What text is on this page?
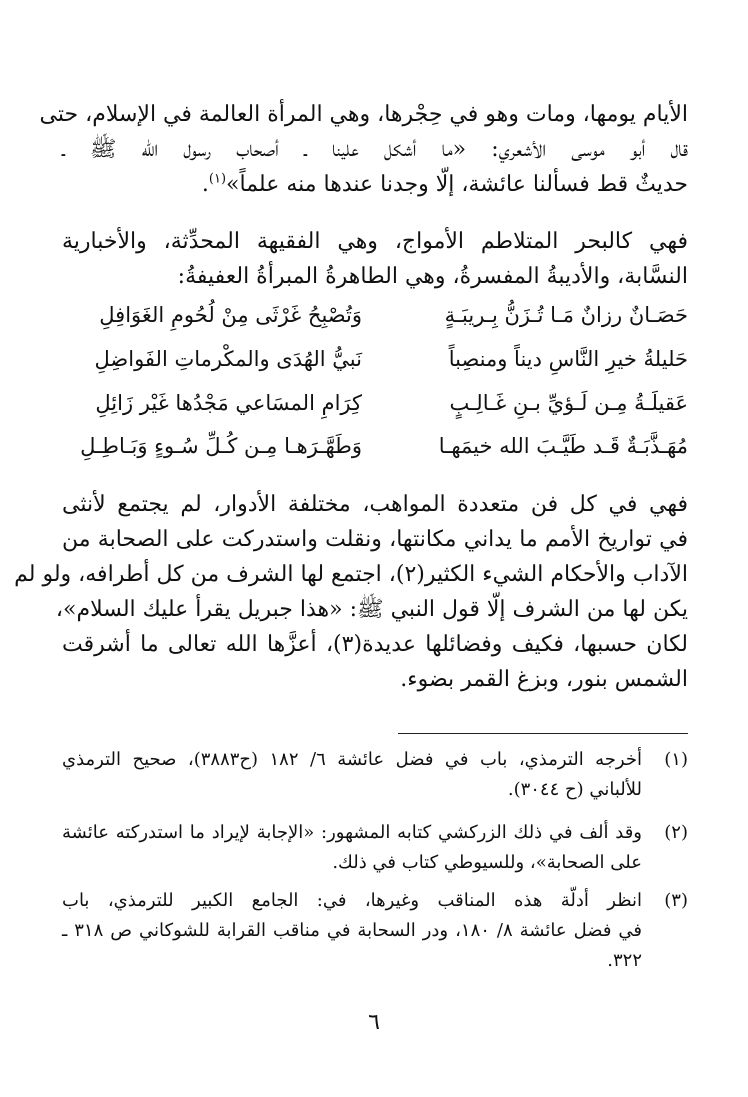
الأيام يومها، ومات وهو في حِجْرها، وهي المرأة العالمة في الإسلام، حتى
قال أبو موسى الأشعري: «ما أشكل علينا ـ أصحاب رسول الله ﷺ ـ
حديثٌ قط فسألنا عائشة، إلّا وجدنا عندها منه علماً»$^{(١)}$.
فهي كالبحر المتلاطم الأمواج، وهي الفقيهة المحدِّثة، والأخبارية
النسَّابة، والأديبةُ المفسرةُ، وهي الطاهرةُ المبرأةُ العفيفةُ:
حَصَـانٌ رزانٌ مَـا تُـزَنُّ بِـريبَـةٍ
وَتُصْبِحُ غَرْثَى مِنْ لُحُومِ الغَوَافِلِ
حَليلةُ خيرِ النَّاسِ ديناً ومنصِباً
نَبيُّ الهُدَى والمكْرماتِ الفَواضِلِ
عَقيلَـةُ مِـن لَـؤيِّ بـنِ غَـالِـبٍ
كِرَامِ المسَاعي مَجْدُها غَيْر زَائِلِ
مُهَـذَّبَـةٌ قَـد طَيَّـبَ الله خيمَهـا
وَطَهَّـرَهـا مِـن كُـلِّ سُـوءٍ وَبَـاطِـلِ
فهي في كل فن متعددة المواهب، مختلفة الأدوار، لم يجتمع لأنثى
في تواريخ الأمم ما يداني مكانتها، ونقلت واستدركت على الصحابة من
الآداب والأحكام الشيء الكثير(٢)، اجتمع لها الشرف من كل أطرافه، ولو لم
يكن لها من الشرف إلّا قول النبي ﷺ: «هذا جبريل يقرأ عليك السلام»،
لكان حسبها، فكيف وفضائلها عديدة(٣)، أعزَّها الله تعالى ما أشرقت
الشمس بنور، وبزغ القمر بضوء.
(١)
أخرجه الترمذي، باب في فضل عائشة ٦/ ١٨٢ (ح٣٨٨٣)، صحيح الترمذي
للألباني (ح ٣٠٤٤).
(٢)
وقد ألف في ذلك الزركشي كتابه المشهور: «الإجابة لإيراد ما استدركته عائشة
على الصحابة»، وللسيوطي كتاب في ذلك.
(٣)
انظر أدلّة هذه المناقب وغيرها، في: الجامع الكبير للترمذي، باب
في فضل عائشة ٨/ ١٨٠، ودر السحابة في مناقب القرابة للشوكاني ص ٣١٨ ـ
٣٢٢.
٦
